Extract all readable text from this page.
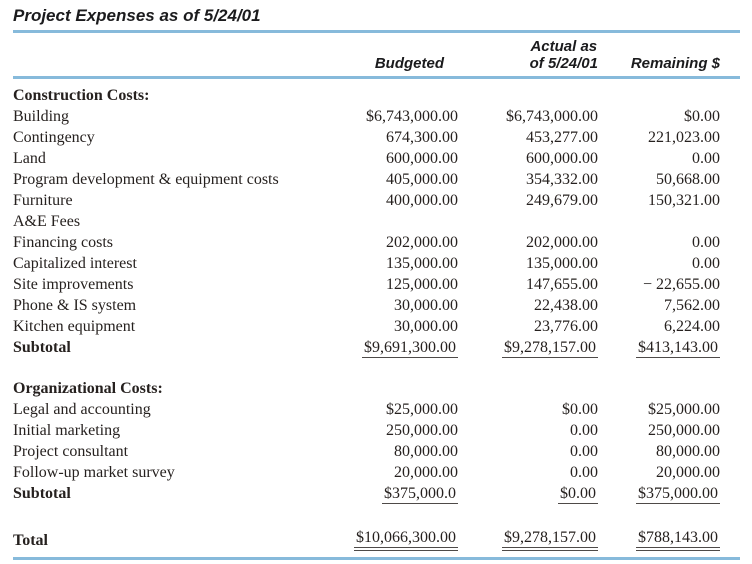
Project Expenses as of 5/24/01
	Budgeted	
Actual as
of 5/24/01	Remaining $
Construction Costs:			
Building	$6,743,000.00	$6,743,000.00	$0.00
Contingency	674,300.00	453,277.00	221,023.00
Land	600,000.00	600,000.00	0.00
Program development & equipment costs	405,000.00	354,332.00	50,668.00
Furniture	400,000.00	249,679.00	150,321.00
A&E Fees			
Financing costs	202,000.00	202,000.00	0.00
Capitalized interest	135,000.00	135,000.00	0.00
Site improvements	125,000.00	147,655.00	− 22,655.00
Phone & IS system	30,000.00	22,438.00	7,562.00
Kitchen equipment	30,000.00	23,776.00	6,224.00
Subtotal	$9,691,300.00	$9,278,157.00	$413,143.00

Organizational Costs:			
Legal and accounting	$25,000.00	$0.00	$25,000.00
Initial marketing	250,000.00	0.00	250,000.00
Project consultant	80,000.00	0.00	80,000.00
Follow-up market survey	20,000.00	0.00	20,000.00
Subtotal	$375,000.0	$0.00	$375,000.00

Total	$10,066,300.00	$9,278,157.00	$788,143.00
